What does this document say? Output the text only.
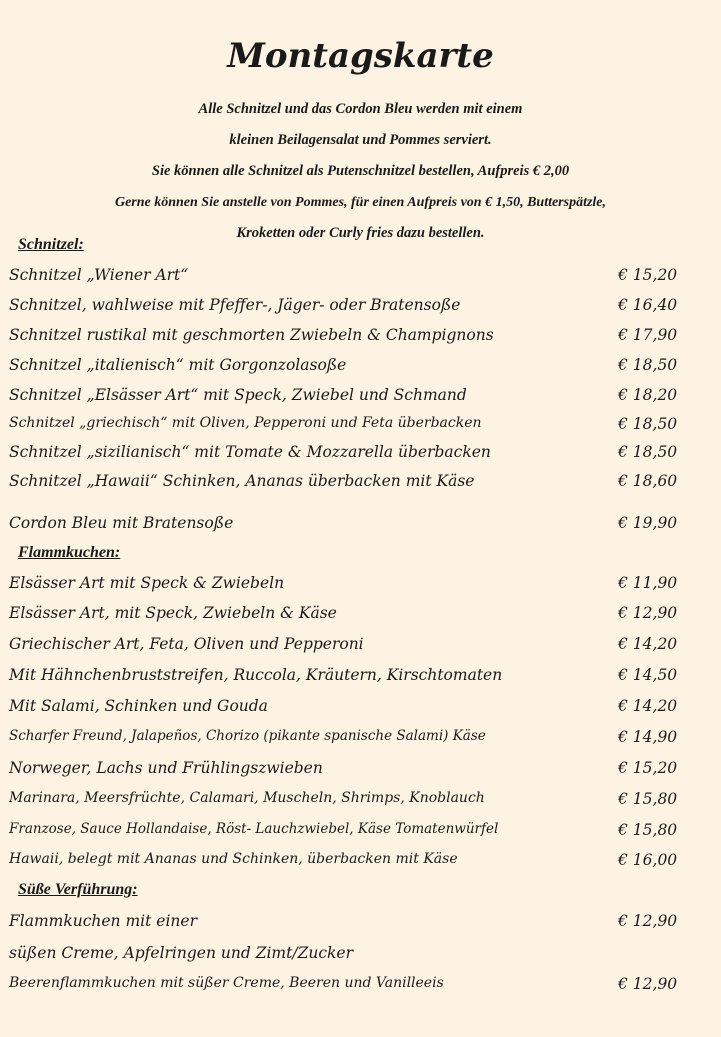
Montagskarte
Alle Schnitzel und das Cordon Bleu werden mit einem
kleinen Beilagensalat und Pommes serviert.
Sie können alle Schnitzel als Putenschnitzel bestellen, Aufpreis € 2,00
Gerne können Sie anstelle von Pommes, für einen Aufpreis von € 1,50, Butterspätzle,
Kroketten oder Curly fries dazu bestellen.
Schnitzel:
Schnitzel „Wiener Art“	€ 15,20
Schnitzel, wahlweise mit Pfeffer-, Jäger- oder Bratensoße	€ 16,40
Schnitzel rustikal mit geschmorten Zwiebeln & Champignons	€ 17,90
Schnitzel „italienisch“ mit Gorgonzolasoße	€ 18,50
Schnitzel „Elsässer Art“ mit Speck, Zwiebel und Schmand	€ 18,20
Schnitzel „griechisch“ mit Oliven, Pepperoni und Feta überbacken	€ 18,50
Schnitzel „sizilianisch“ mit Tomate & Mozzarella überbacken	€ 18,50
Schnitzel „Hawaii“ Schinken, Ananas überbacken mit Käse	€ 18,60
Cordon Bleu mit Bratensoße	€ 19,90
Flammkuchen:
Elsässer Art mit Speck & Zwiebeln	€ 11,90
Elsässer Art, mit Speck, Zwiebeln & Käse	€ 12,90
Griechischer Art, Feta, Oliven und Pepperoni	€ 14,20
Mit Hähnchenbruststreifen, Ruccola, Kräutern, Kirschtomaten	€ 14,50
Mit Salami, Schinken und Gouda	€ 14,20
Scharfer Freund, Jalapeños, Chorizo (pikante spanische Salami) Käse	€ 14,90
Norweger, Lachs und Frühlingszwieben	€ 15,20
Marinara, Meersfrüchte, Calamari, Muscheln, Shrimps, Knoblauch	€ 15,80
Franzose, Sauce Hollandaise, Röst- Lauchzwiebel, Käse Tomatenwürfel	€ 15,80
Hawaii, belegt mit Ananas und Schinken, überbacken mit Käse	€ 16,00
Süße Verführung:
Flammkuchen mit einer	€ 12,90
süßen Creme, Apfelringen und Zimt/Zucker
Beerenflammkuchen mit süßer Creme, Beeren und Vanilleeis	€ 12,90
